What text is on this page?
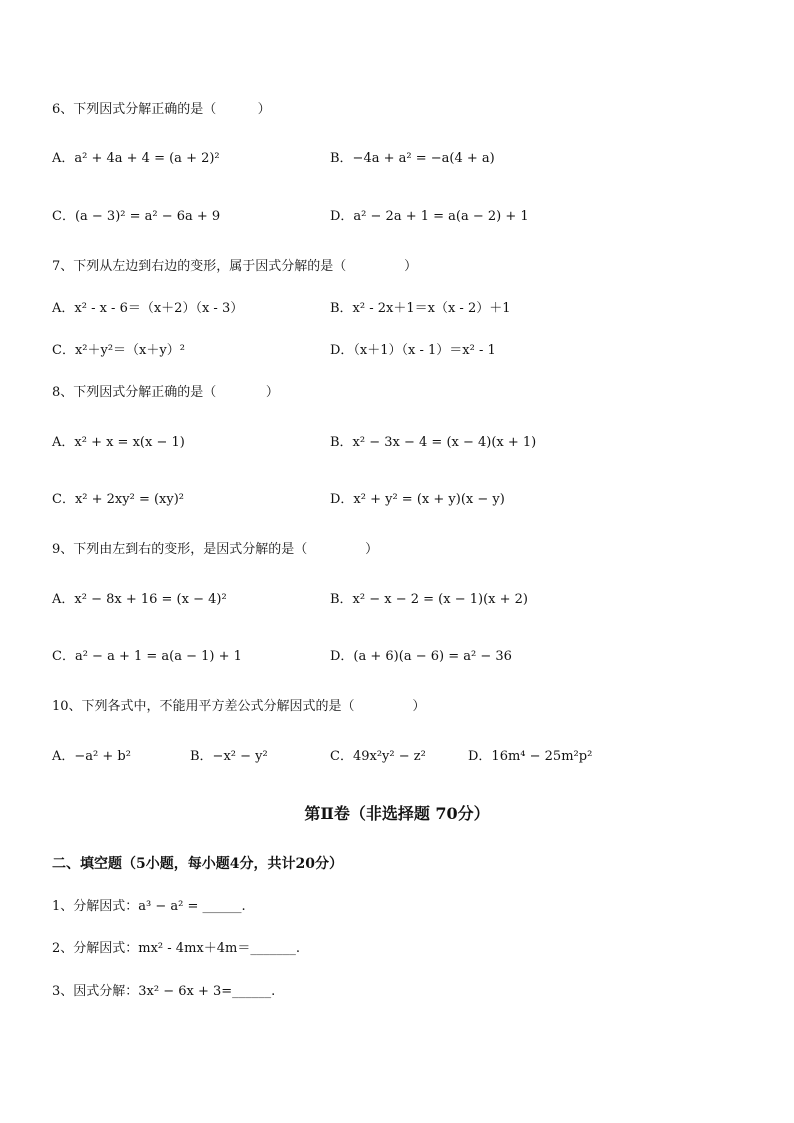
6、下列因式分解正确的是（          ）
A．a² + 4a + 4 = (a + 2)²	B．−4a + a² = −a(4 + a)
C．(a − 3)² = a² − 6a + 9	D．a² − 2a + 1 = a(a − 2) + 1
7、下列从左边到右边的变形，属于因式分解的是（              ）
A．x² - x - 6＝（x＋2）（x - 3）	B．x² - 2x＋1＝x（x - 2）＋1
C．x²＋y²＝（x＋y）²	D．（x＋1）（x - 1）＝x² - 1
8、下列因式分解正确的是（            ）
A．x² + x = x(x − 1)	B．x² − 3x − 4 = (x − 4)(x + 1)
C．x² + 2xy² = (xy)²	D．x² + y² = (x + y)(x − y)
9、下列由左到右的变形，是因式分解的是（              ）
A．x² − 8x + 16 = (x − 4)²	B．x² − x − 2 = (x − 1)(x + 2)
C．a² − a + 1 = a(a − 1) + 1	D．(a + 6)(a − 6) = a² − 36
10、下列各式中，不能用平方差公式分解因式的是（              ）
A．−a² + b²	B．−x² − y²	C．49x²y² − z²	D．16m⁴ − 25m²p²
第Ⅱ卷（非选择题 70分）
二、填空题（5小题，每小题4分，共计20分）
1、分解因式：a³ − a² = ______.
2、分解因式：mx² - 4mx＋4m＝_______.
3、因式分解：3x² − 6x + 3=______.
